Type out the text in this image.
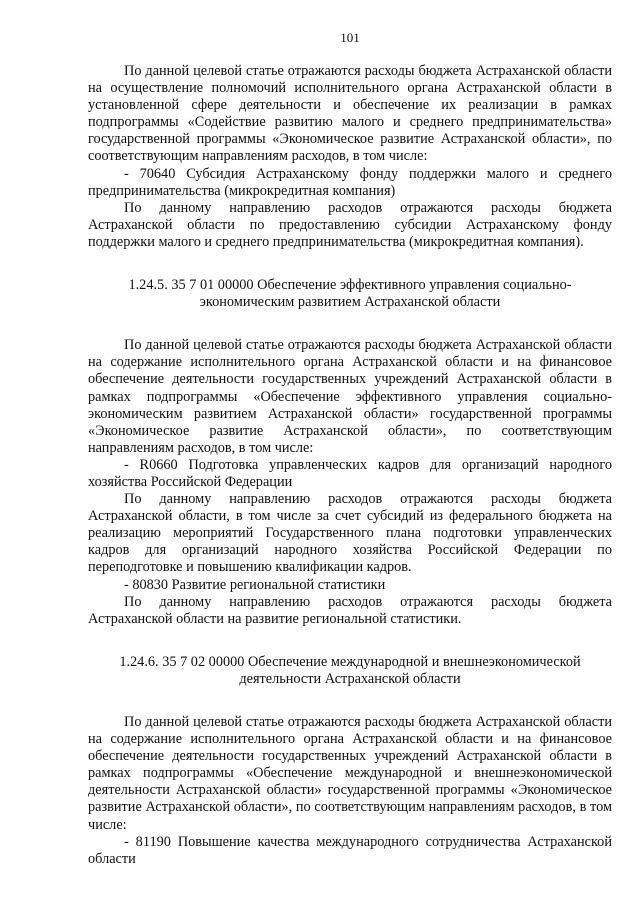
101

По данной целевой статье отражаются расходы бюджета Астраханской области на осуществление полномочий исполнительного органа Астраханской области в установленной сфере деятельности и обеспечение их реализации в рамках подпрограммы «Содействие развитию малого и среднего предпринимательства» государственной программы «Экономическое развитие Астраханской области», по соответствующим направлениям расходов, в том числе:

- 70640 Субсидия Астраханскому фонду поддержки малого и среднего предпринимательства (микрокредитная компания)

По данному направлению расходов отражаются расходы бюджета Астраханской области по предоставлению субсидии Астраханскому фонду поддержки малого и среднего предпринимательства (микрокредитная компания).

1.24.5. 35 7 01 00000 Обеспечение эффективного управления социально-
экономическим развитием Астраханской области

По данной целевой статье отражаются расходы бюджета Астраханской области на содержание исполнительного органа Астраханской области и на финансовое обеспечение деятельности государственных учреждений Астраханской области в рамках подпрограммы «Обеспечение эффективного управления социально-экономическим развитием Астраханской области» государственной программы «Экономическое развитие Астраханской области», по соответствующим направлениям расходов, в том числе:

- R0660 Подготовка управленческих кадров для организаций народного хозяйства Российской Федерации

По данному направлению расходов отражаются расходы бюджета Астраханской области, в том числе за счет субсидий из федерального бюджета на реализацию мероприятий Государственного плана подготовки управленческих кадров для организаций народного хозяйства Российской Федерации по переподготовке и повышению квалификации кадров.

- 80830 Развитие региональной статистики

По данному направлению расходов отражаются расходы бюджета Астраханской области на развитие региональной статистики.

1.24.6. 35 7 02 00000 Обеспечение международной и внешнеэкономической
деятельности Астраханской области

По данной целевой статье отражаются расходы бюджета Астраханской области на содержание исполнительного органа Астраханской области и на финансовое обеспечение деятельности государственных учреждений Астраханской области в рамках подпрограммы «Обеспечение международной и внешнеэкономической деятельности Астраханской области» государственной программы «Экономическое развитие Астраханской области», по соответствующим направлениям расходов, в том числе:

- 81190 Повышение качества международного сотрудничества Астраханской области
